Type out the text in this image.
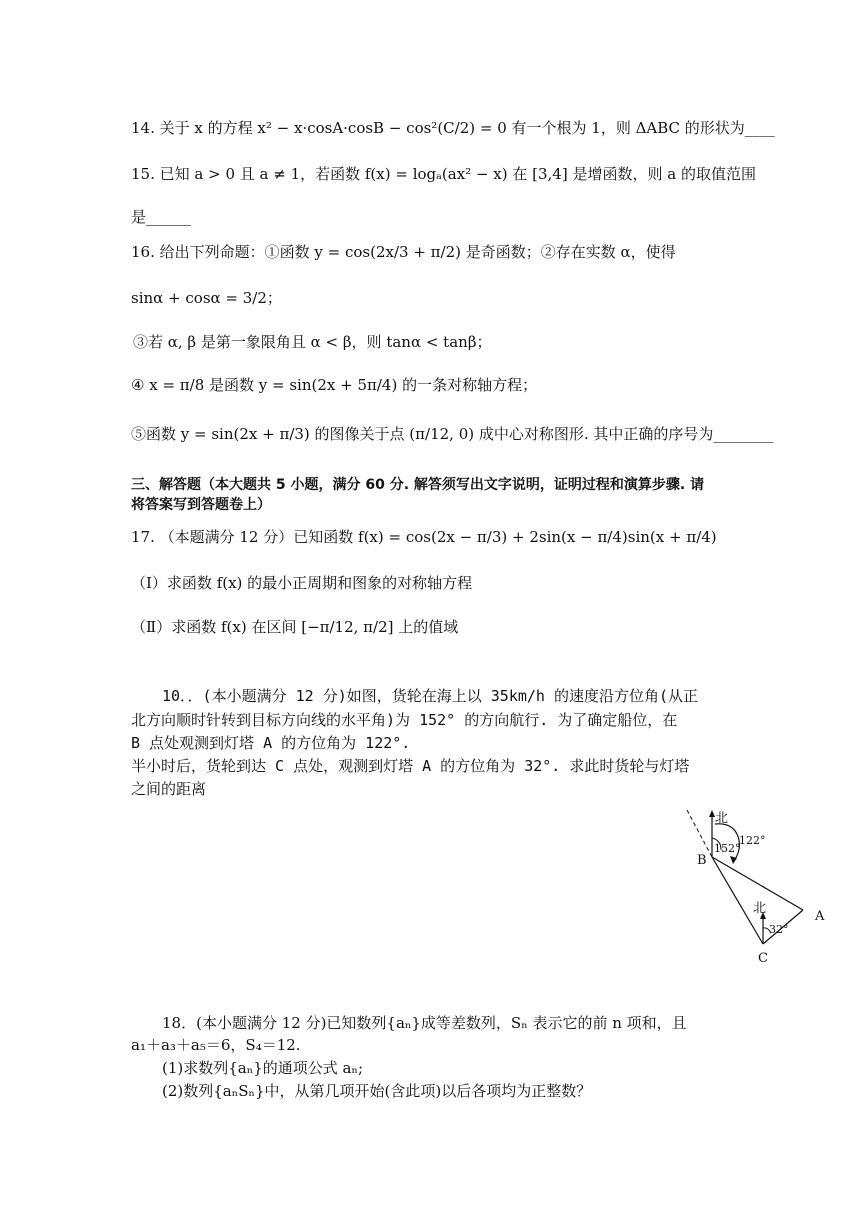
14. 关于 x 的方程 x² − x·cosA·cosB − cos²(C/2) = 0 有一个根为 1，则 ΔABC 的形状为____
15. 已知 a > 0 且 a ≠ 1，若函数 f(x) = logₐ(ax² − x) 在 [3,4] 是增函数，则 a 的取值范围
是______
16. 给出下列命题：①函数 y = cos(2x/3 + π/2) 是奇函数；②存在实数 α，使得
sinα + cosα = 3/2；
③若 α, β 是第一象限角且 α < β，则 tanα < tanβ；
④ x = π/8 是函数 y = sin(2x + 5π/4) 的一条对称轴方程；
⑤函数 y = sin(2x + π/3) 的图像关于点 (π/12, 0) 成中心对称图形. 其中正确的序号为________
三、解答题（本大题共 5 小题，满分 60 分. 解答须写出文字说明，证明过程和演算步骤. 请
将答案写到答题卷上）
17. （本题满分 12 分）已知函数 f(x) = cos(2x − π/3) + 2sin(x − π/4)sin(x + π/4)
（Ⅰ）求函数 f(x) 的最小正周期和图象的对称轴方程
（Ⅱ）求函数 f(x) 在区间 [−π/12, π/2] 上的值域
10．．(本小题满分 12 分)如图，货轮在海上以 35km/h 的速度沿方位角(从正
北方向顺时针转到目标方向线的水平角)为 152° 的方向航行. 为了确定船位，在
B 点处观测到灯塔 A 的方位角为 122°.
半小时后，货轮到达 C 点处，观测到灯塔 A 的方位角为 32°. 求此时货轮与灯塔
之间的距离
北
152°
122°
B
北
32°
A
C
18．(本小题满分 12 分)已知数列{aₙ}成等差数列，Sₙ 表示它的前 n 项和，且
a₁＋a₃＋a₅＝6，S₄＝12.
(1)求数列{aₙ}的通项公式 aₙ;
(2)数列{aₙSₙ}中，从第几项开始(含此项)以后各项均为正整数？
